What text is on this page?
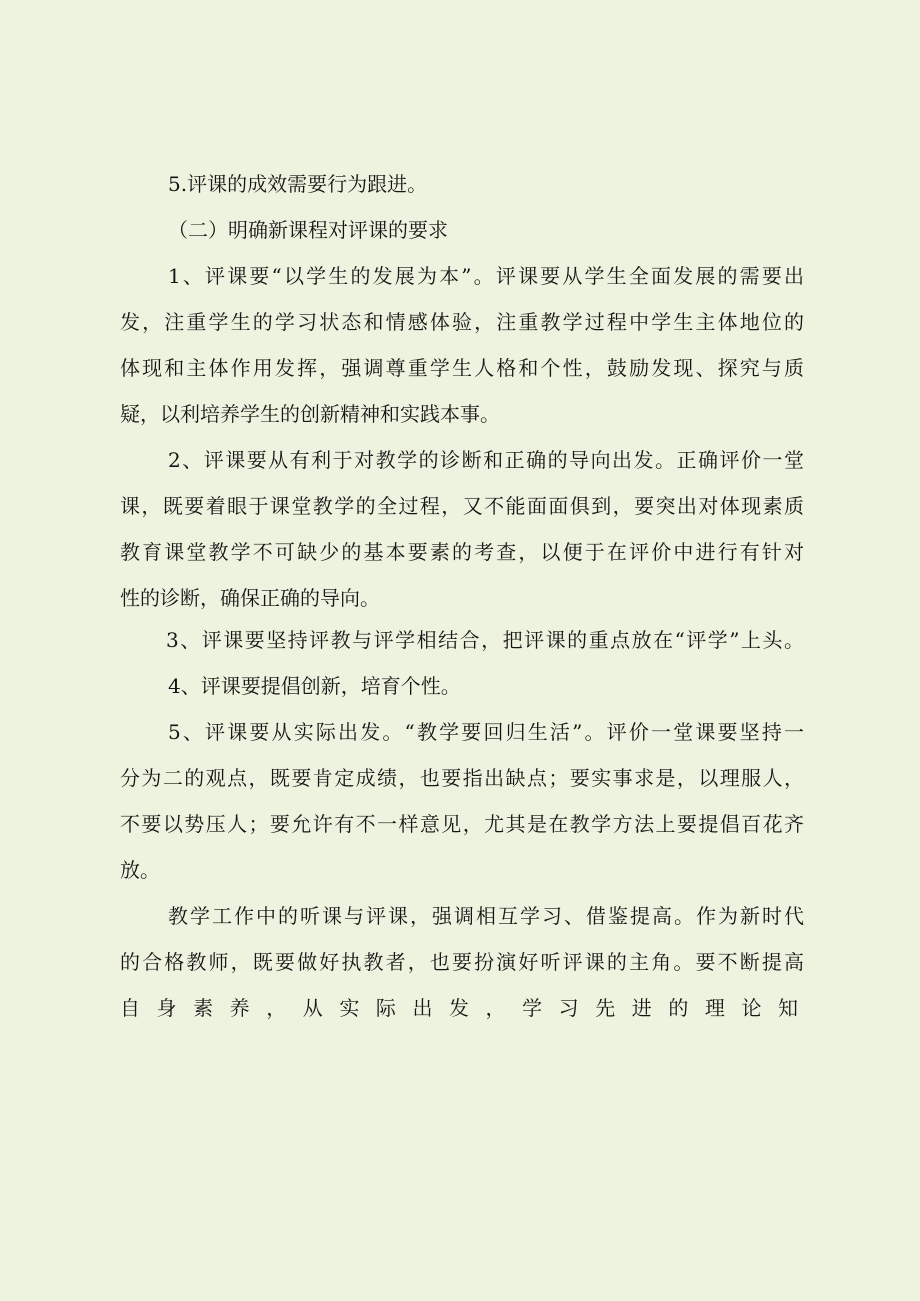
5.评课的成效需要行为跟进。
（二）明确新课程对评课的要求
1、评课要“以学生的发展为本”。评课要从学生全面发展的需要出
发，注重学生的学习状态和情感体验，注重教学过程中学生主体地位的
体现和主体作用发挥，强调尊重学生人格和个性，鼓励发现、探究与质
疑，以利培养学生的创新精神和实践本事。
2、评课要从有利于对教学的诊断和正确的导向出发。正确评价一堂
课，既要着眼于课堂教学的全过程，又不能面面俱到，要突出对体现素质
教育课堂教学不可缺少的基本要素的考查，以便于在评价中进行有针对
性的诊断，确保正确的导向。
3、评课要坚持评教与评学相结合，把评课的重点放在“评学”上头。
4、评课要提倡创新，培育个性。
5、评课要从实际出发。“教学要回归生活”。评价一堂课要坚持一
分为二的观点，既要肯定成绩，也要指出缺点；要实事求是，以理服人，
不要以势压人；要允许有不一样意见，尤其是在教学方法上要提倡百花齐
放。
教学工作中的听课与评课，强调相互学习、借鉴提高。作为新时代
的合格教师，既要做好执教者，也要扮演好听评课的主角。要不断提高
自身素养，从实际出发，学习先进的理论知
